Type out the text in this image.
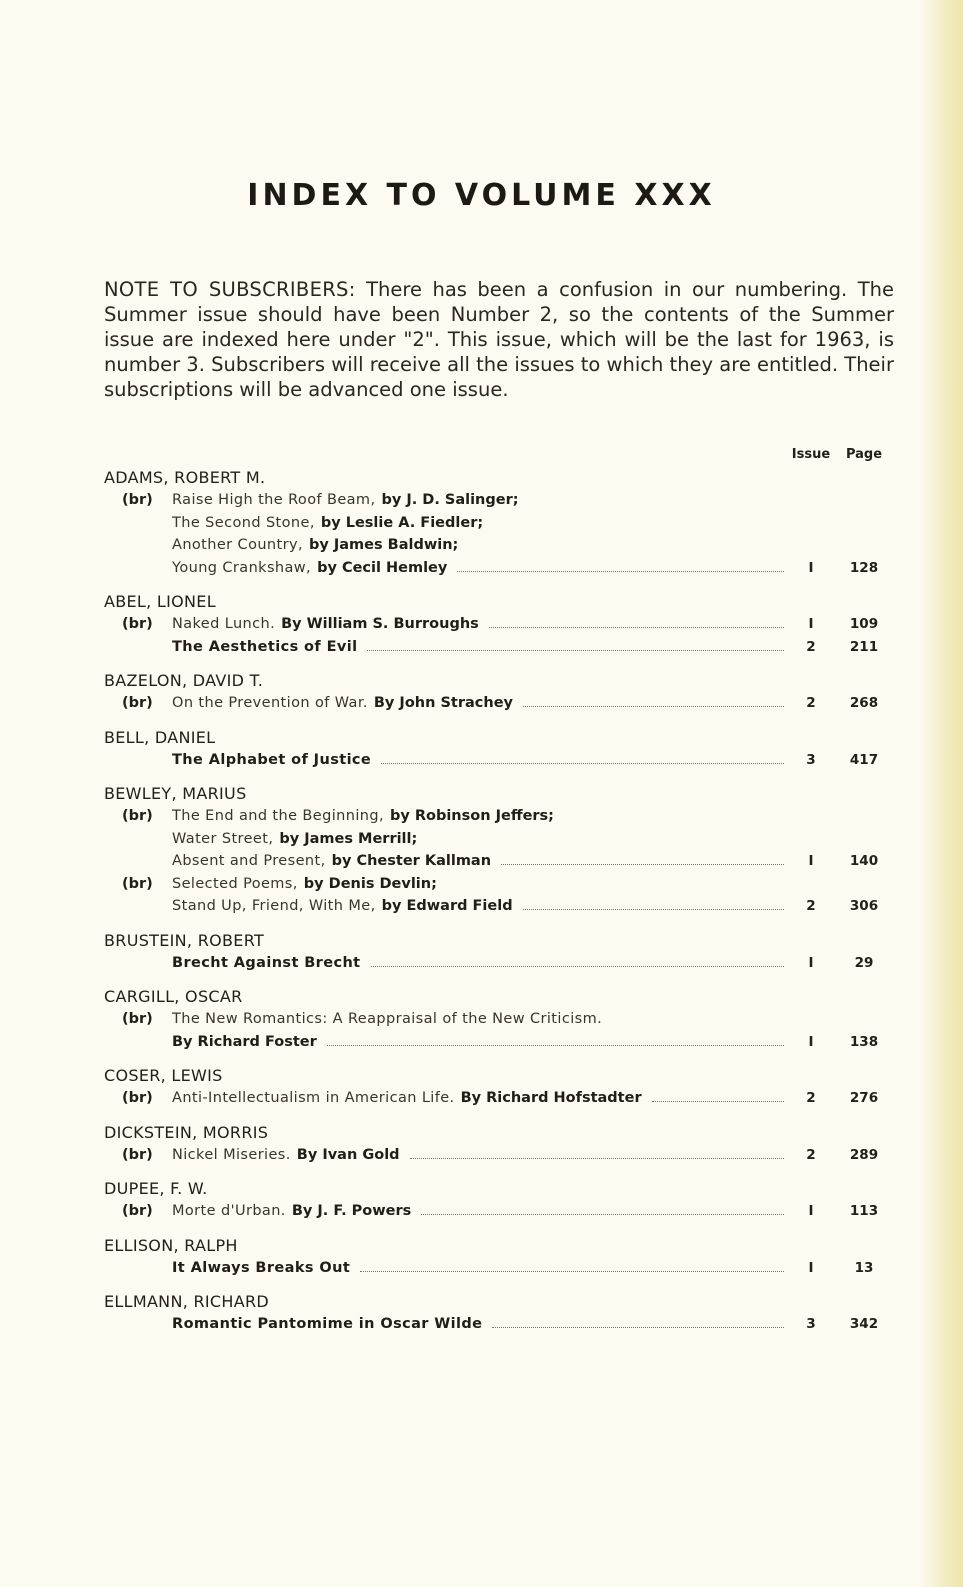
INDEX TO VOLUME XXX

NOTE TO SUBSCRIBERS: There has been a confusion in our numbering. The Summer issue should have been Number 2, so the contents of the Summer issue are indexed here under "2". This issue, which will be the last for 1963, is number 3. Subscribers will receive all the issues to which they are entitled. Their subscriptions will be advanced one issue.

Issue	Page
ADAMS, ROBERT M.
(br) Raise High the Roof Beam, by J. D. Salinger;
The Second Stone, by Leslie A. Fiedler;
Another Country, by James Baldwin;
Young Crankshaw, by Cecil Hemley	I	128
ABEL, LIONEL
(br) Naked Lunch. By William S. Burroughs	I	109
The Aesthetics of Evil	2	211
BAZELON, DAVID T.
(br) On the Prevention of War. By John Strachey	2	268
BELL, DANIEL
The Alphabet of Justice	3	417
BEWLEY, MARIUS
(br) The End and the Beginning, by Robinson Jeffers;
Water Street, by James Merrill;
Absent and Present, by Chester Kallman	I	140
(br) Selected Poems, by Denis Devlin;
Stand Up, Friend, With Me, by Edward Field	2	306
BRUSTEIN, ROBERT
Brecht Against Brecht	I	29
CARGILL, OSCAR
(br) The New Romantics: A Reappraisal of the New Criticism.
By Richard Foster	I	138
COSER, LEWIS
(br) Anti-Intellectualism in American Life. By Richard Hofstadter	2	276
DICKSTEIN, MORRIS
(br) Nickel Miseries. By Ivan Gold	2	289
DUPEE, F. W.
(br) Morte d'Urban. By J. F. Powers	I	113
ELLISON, RALPH
It Always Breaks Out	I	13
ELLMANN, RICHARD
Romantic Pantomime in Oscar Wilde	3	342
